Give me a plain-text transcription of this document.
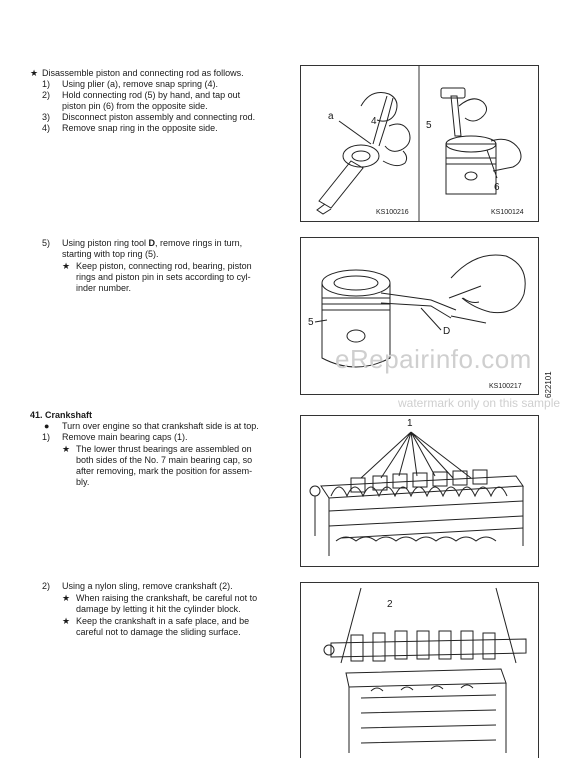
★ Disassemble piston and connecting rod as follows.
1) Using plier (a), remove snap spring (4).
2) Hold connecting rod (5) by hand, and tap out
piston pin (6) from the opposite side.
3) Disconnect piston assembly and connecting rod.
4) Remove snap ring in the opposite side.
a	4	5
6
KS100216	KS100124
5) Using piston ring tool D, remove rings in turn,
starting with top ring (5).
★ Keep piston, connecting rod, bearing, piston
rings and piston pin in sets according to cyl-
inder number.
5
D
KS100217	622101
eRepairinfo.com
watermark only on this sample
41. Crankshaft
● Turn over engine so that crankshaft side is at top.
1) Remove main bearing caps (1).
★ The lower thrust bearings are assembled on
both sides of the No. 7 main bearing cap, so
after removing, mark the position for assem-
bly.
1
2) Using a nylon sling, remove crankshaft (2).
★ When raising the crankshaft, be careful not to
damage by letting it hit the cylinder block.
★ Keep the crankshaft in a safe place, and be
careful not to damage the sliding surface.
2
